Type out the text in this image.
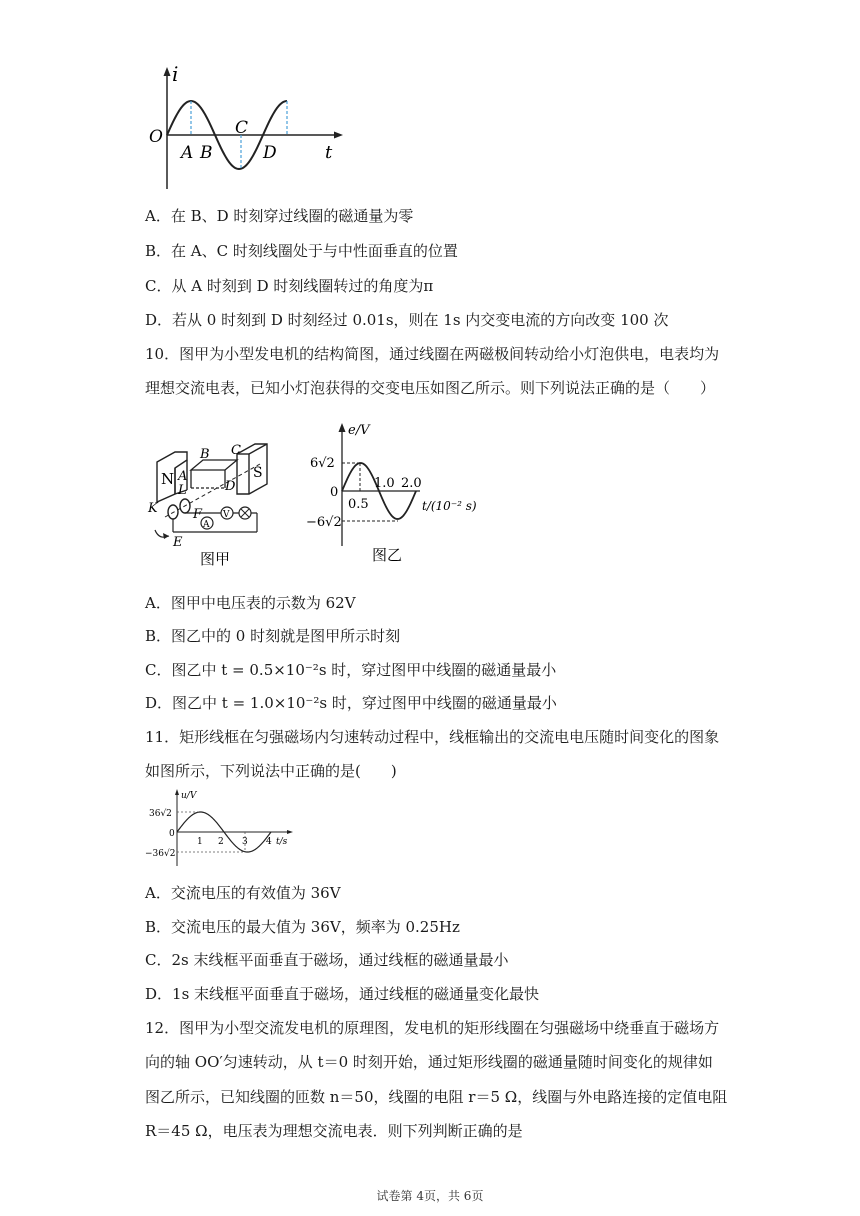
i
O
t
A B
C
D
A．在 B、D 时刻穿过线圈的磁通量为零
B．在 A、C 时刻线圈处于与中性面垂直的位置
C．从 A 时刻到 D 时刻线圈转过的角度为π
D．若从 0 时刻到 D 时刻经过 0.01s，则在 1s 内交变电流的方向改变 100 次
10．图甲为小型发电机的结构简图，通过线圈在两磁极间转动给小灯泡供电，电表均为
理想交流电表，已知小灯泡获得的交变电压如图乙所示。则下列说法正确的是（　　）
N	S
A
B C
D
K
L
F
E
A
V
图甲
e/V
6√2
0
−6√2
0.5
1.0 2.0
t/(10⁻² s)
图乙
A．图甲中电压表的示数为 62V
B．图乙中的 0 时刻就是图甲所示时刻
C．图乙中 t = 0.5×10⁻²s 时，穿过图甲中线圈的磁通量最小
D．图乙中 t = 1.0×10⁻²s 时，穿过图甲中线圈的磁通量最小
11．矩形线框在匀强磁场内匀速转动过程中，线框输出的交流电电压随时间变化的图象
如图所示，下列说法中正确的是(　　)
u/V
36√2
0
−36√2
1 2 3 4 t/s
A．交流电压的有效值为 36V
B．交流电压的最大值为 36V，频率为 0.25Hz
C．2s 末线框平面垂直于磁场，通过线框的磁通量最小
D．1s 末线框平面垂直于磁场，通过线框的磁通量变化最快
12．图甲为小型交流发电机的原理图，发电机的矩形线圈在匀强磁场中绕垂直于磁场方
向的轴 OO′匀速转动，从 t＝0 时刻开始，通过矩形线圈的磁通量随时间变化的规律如
图乙所示，已知线圈的匝数 n＝50，线圈的电阻 r＝5 Ω，线圈与外电路连接的定值电阻
R＝45 Ω，电压表为理想交流电表．则下列判断正确的是
试卷第 4页，共 6页
